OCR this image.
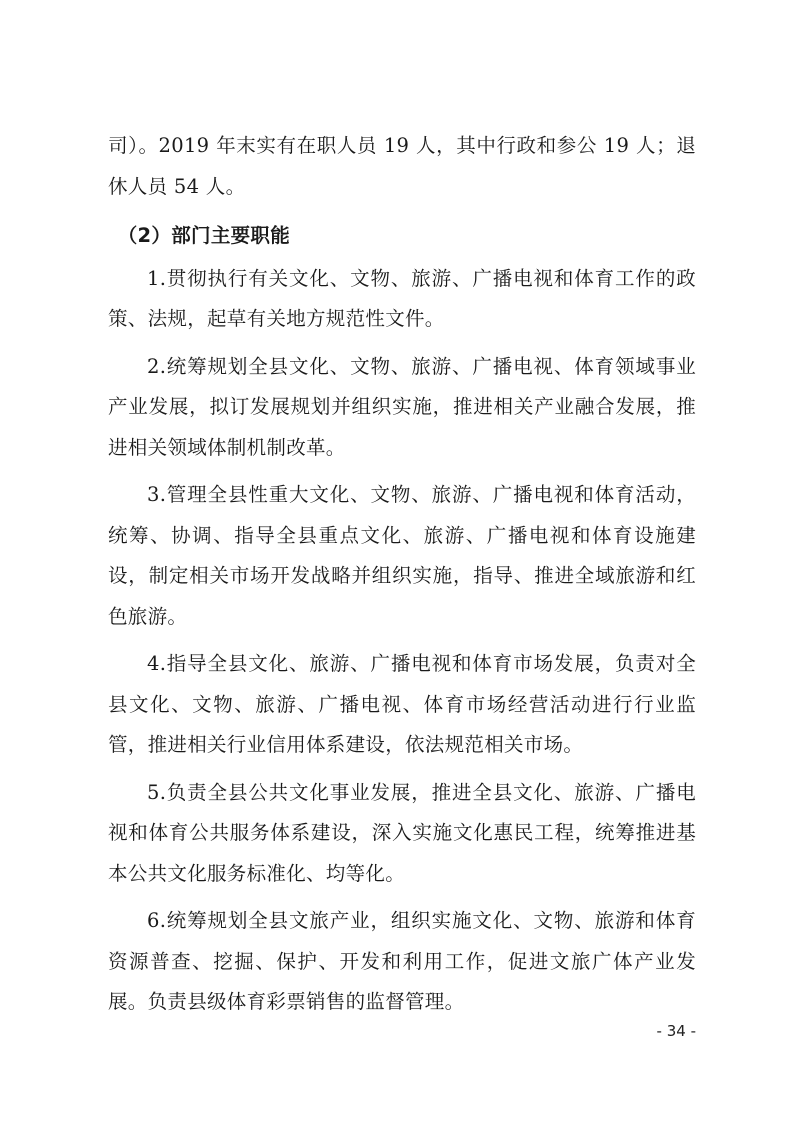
司）。2019 年末实有在职人员 19 人，其中行政和参公 19 人；退休人员 54 人。

（2）部门主要职能

1.贯彻执行有关文化、文物、旅游、广播电视和体育工作的政策、法规，起草有关地方规范性文件。

2.统筹规划全县文化、文物、旅游、广播电视、体育领域事业产业发展，拟订发展规划并组织实施，推进相关产业融合发展，推进相关领域体制机制改革。

3.管理全县性重大文化、文物、旅游、广播电视和体育活动，统筹、协调、指导全县重点文化、旅游、广播电视和体育设施建设，制定相关市场开发战略并组织实施，指导、推进全域旅游和红色旅游。

4.指导全县文化、旅游、广播电视和体育市场发展，负责对全县文化、文物、旅游、广播电视、体育市场经营活动进行行业监管，推进相关行业信用体系建设，依法规范相关市场。

5.负责全县公共文化事业发展，推进全县文化、旅游、广播电视和体育公共服务体系建设，深入实施文化惠民工程，统筹推进基本公共文化服务标准化、均等化。

6.统筹规划全县文旅产业，组织实施文化、文物、旅游和体育资源普查、挖掘、保护、开发和利用工作，促进文旅广体产业发展。负责县级体育彩票销售的监督管理。

- 34 -
